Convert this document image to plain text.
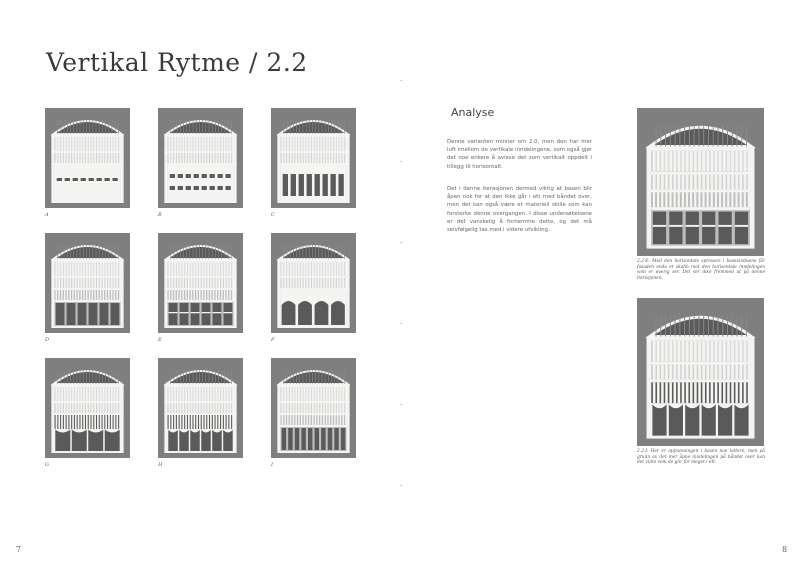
Vertikal Rytme / 2.2
A	B	C
D	E	F
G	H	I
•
•
•
•
•
•
Analyse

Denne varianten minner om 2.0, men den har mer luft imellom de vertikale inndelingene, som også gjør det noe enkere å avlese det som vertikalt oppdelt i tillegg til horisontalt.

Det i denne iterasjonen dermed viktig at basen blir åpen nok for at den ikke går i ett med båndet over, men det kan også være et materiell skille som kan forsterke denne overgangen. I disse undersøkelsene er det vanskelig å fornemme dette, og det må selvfølgelig tas med i videre utvikling.

2.2-E: Med den horisontale sprossen i basevinduene får fasaden enda et skabb mot den horisontale inndelingen som er øverig ser. Det ser ikke fremmed ut på denne iterasjonen.

2.2-I: Her er oppnessingen i basen noe lettere, men på grunn av det mer åpne inndelingen på båndet over kan det virke som de glir for meget i ett.

7	8
